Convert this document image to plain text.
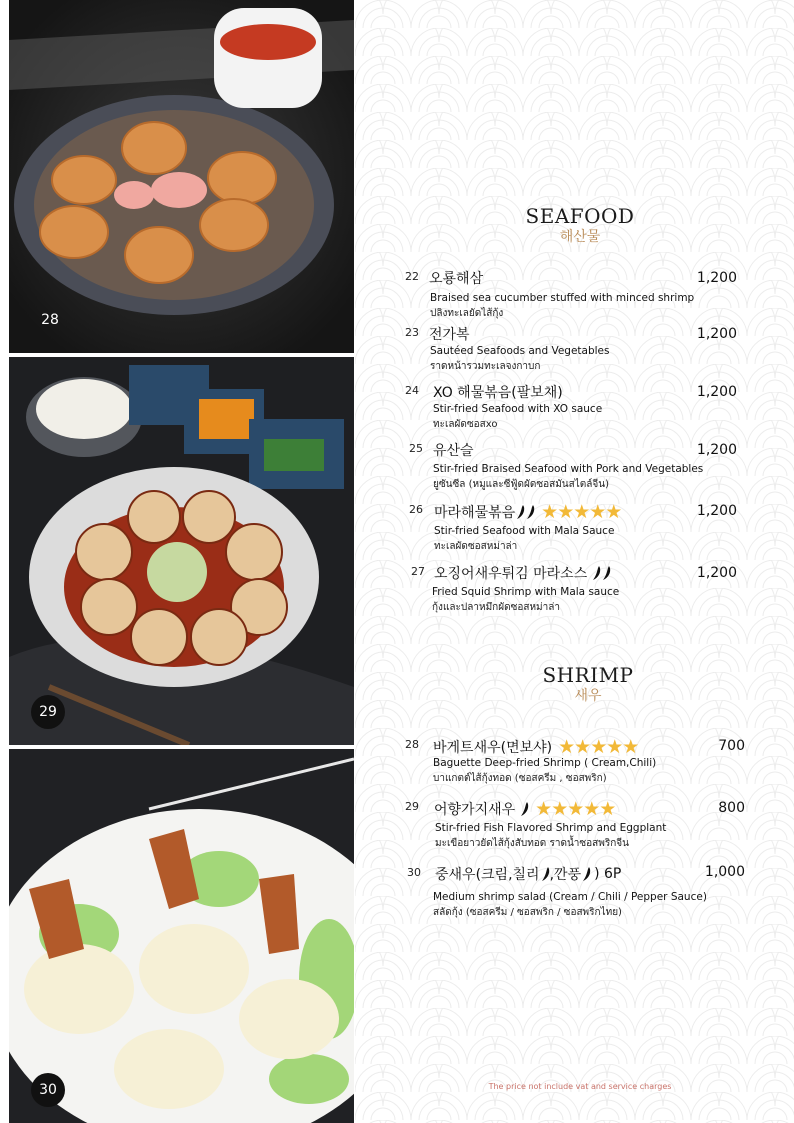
28
29
30
SEAFOOD
해산물
22 오룡해삼	1,200
Braised sea cucumber stuffed with minced shrimp
ปลิงทะเลยัดไส้กุ้ง
23 전가복	1,200
Sautéed Seafoods and Vegetables
ราดหน้ารวมทะเลจงกาบก
24 XO 해물볶음(팔보채)	1,200
Stir-fried Seafood with XO sauce
ทะเลผัดซอสxo
25 유산슬	1,200
Stir-fried Braised Seafood with Pork and Vegetables
ยูซันซีล (หมูและซีฟู้ดผัดซอสมันสไตล์จีน)
26 마라해물볶음 ★★★★★	1,200
Stir-fried Seafood with Mala Sauce
ทะเลผัดซอสหม่าล่า
27 오징어새우튀김 마라소스	1,200
Fried Squid Shrimp with Mala sauce
กุ้งและปลาหมึกผัดซอสหม่าล่า
SHRIMP
새우
28 바게트새우(면보샤) ★★★★★	700
Baguette Deep-fried Shrimp ( Cream,Chili)
บาแกตต์ไส้กุ้งทอด (ซอสครีม , ซอสพริก)
29 어향가지새우 ★★★★★	800
Stir-fried Fish Flavored Shrimp and Eggplant
มะเขือยาวยัดไส้กุ้งสับทอด ราดน้ำซอสพริกจีน
30 중새우(크림,칠리 ,깐풍 ) 6P	1,000
Medium shrimp salad (Cream / Chili / Pepper Sauce)
สลัดกุ้ง (ซอสครีม / ซอสพริก / ซอสพริกไทย)
The price not include vat and service charges
